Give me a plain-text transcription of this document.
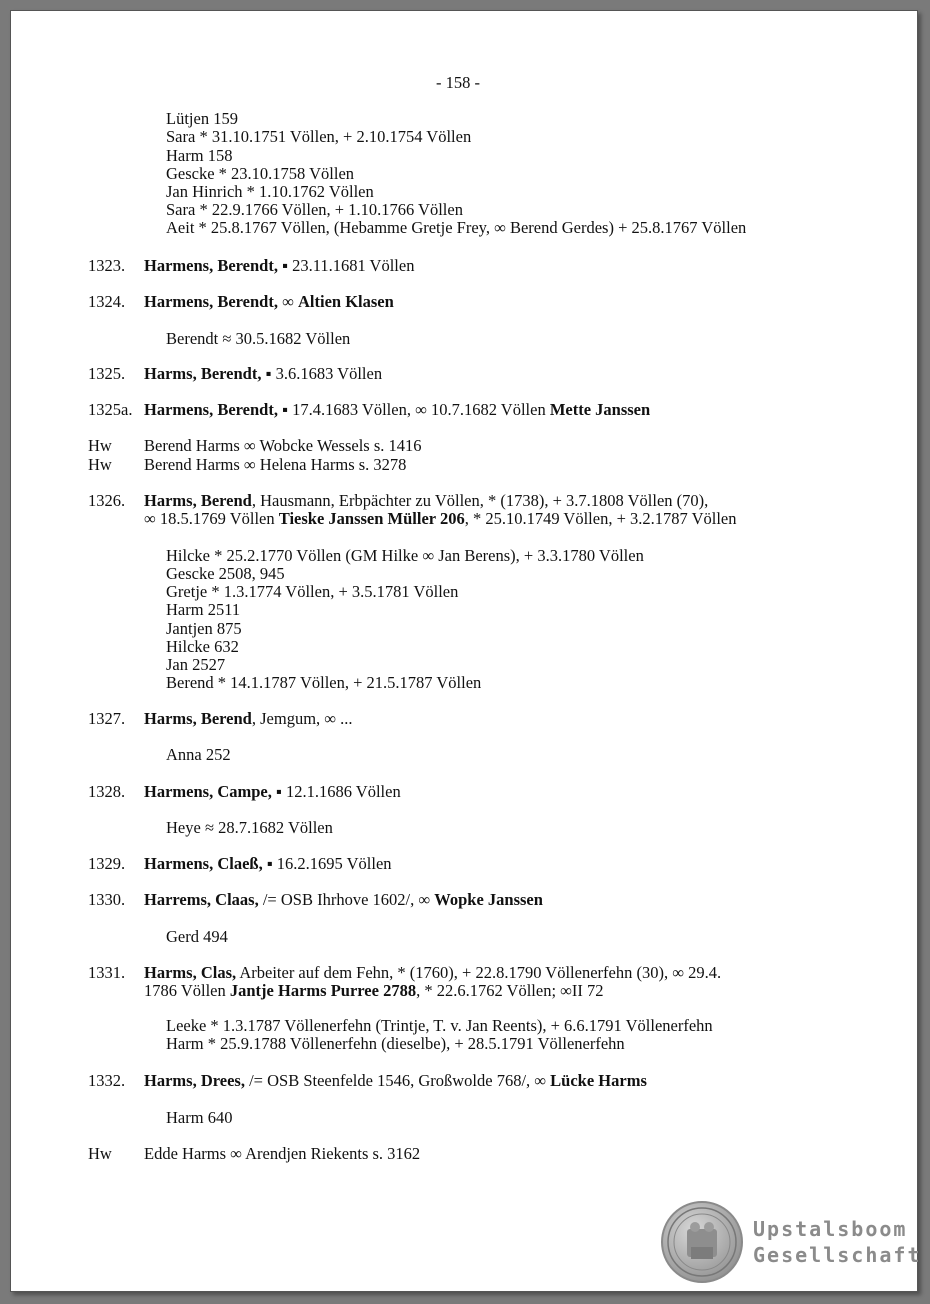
- 158 -
Lütjen 159
Sara * 31.10.1751 Völlen, + 2.10.1754 Völlen
Harm 158
Gescke * 23.10.1758 Völlen
Jan Hinrich * 1.10.1762 Völlen
Sara * 22.9.1766 Völlen, + 1.10.1766 Völlen
Aeit * 25.8.1767 Völlen, (Hebamme Gretje Frey, ∞ Berend Gerdes) + 25.8.1767 Völlen
1323. Harmens, Berendt, ▪ 23.11.1681 Völlen
1324. Harmens, Berendt, ∞ Altien Klasen
Berendt ≈ 30.5.1682 Völlen
1325. Harms, Berendt, ▪ 3.6.1683 Völlen
1325a. Harmens, Berendt, ▪ 17.4.1683 Völlen, ∞ 10.7.1682 Völlen Mette Janssen
Hw Berend Harms ∞ Wobcke Wessels s. 1416
Hw Berend Harms ∞ Helena Harms s. 3278
1326. Harms, Berend, Hausmann, Erbpächter zu Völlen, * (1738), + 3.7.1808 Völlen (70),
∞ 18.5.1769 Völlen Tieske Janssen Müller 206, * 25.10.1749 Völlen, + 3.2.1787 Völlen
Hilcke * 25.2.1770 Völlen (GM Hilke ∞ Jan Berens), + 3.3.1780 Völlen
Gescke 2508, 945
Gretje * 1.3.1774 Völlen, + 3.5.1781 Völlen
Harm 2511
Jantjen 875
Hilcke 632
Jan 2527
Berend * 14.1.1787 Völlen, + 21.5.1787 Völlen
1327. Harms, Berend, Jemgum, ∞ ...
Anna 252
1328. Harmens, Campe, ▪ 12.1.1686 Völlen
Heye ≈ 28.7.1682 Völlen
1329. Harmens, Claeß, ▪ 16.2.1695 Völlen
1330. Harrems, Claas, /= OSB Ihrhove 1602/, ∞ Wopke Janssen
Gerd 494
1331. Harms, Clas, Arbeiter auf dem Fehn, * (1760), + 22.8.1790 Völlenerfehn (30), ∞ 29.4.
1786 Völlen Jantje Harms Purree 2788, * 22.6.1762 Völlen; ∞II 72
Leeke * 1.3.1787 Völlenerfehn (Trintje, T. v. Jan Reents), + 6.6.1791 Völlenerfehn
Harm * 25.9.1788 Völlenerfehn (dieselbe), + 28.5.1791 Völlenerfehn
1332. Harms, Drees, /= OSB Steenfelde 1546, Großwolde 768/, ∞ Lücke Harms
Harm 640
Hw Edde Harms ∞ Arendjen Riekents s. 3162
Upstalsboom
Gesellschaft
